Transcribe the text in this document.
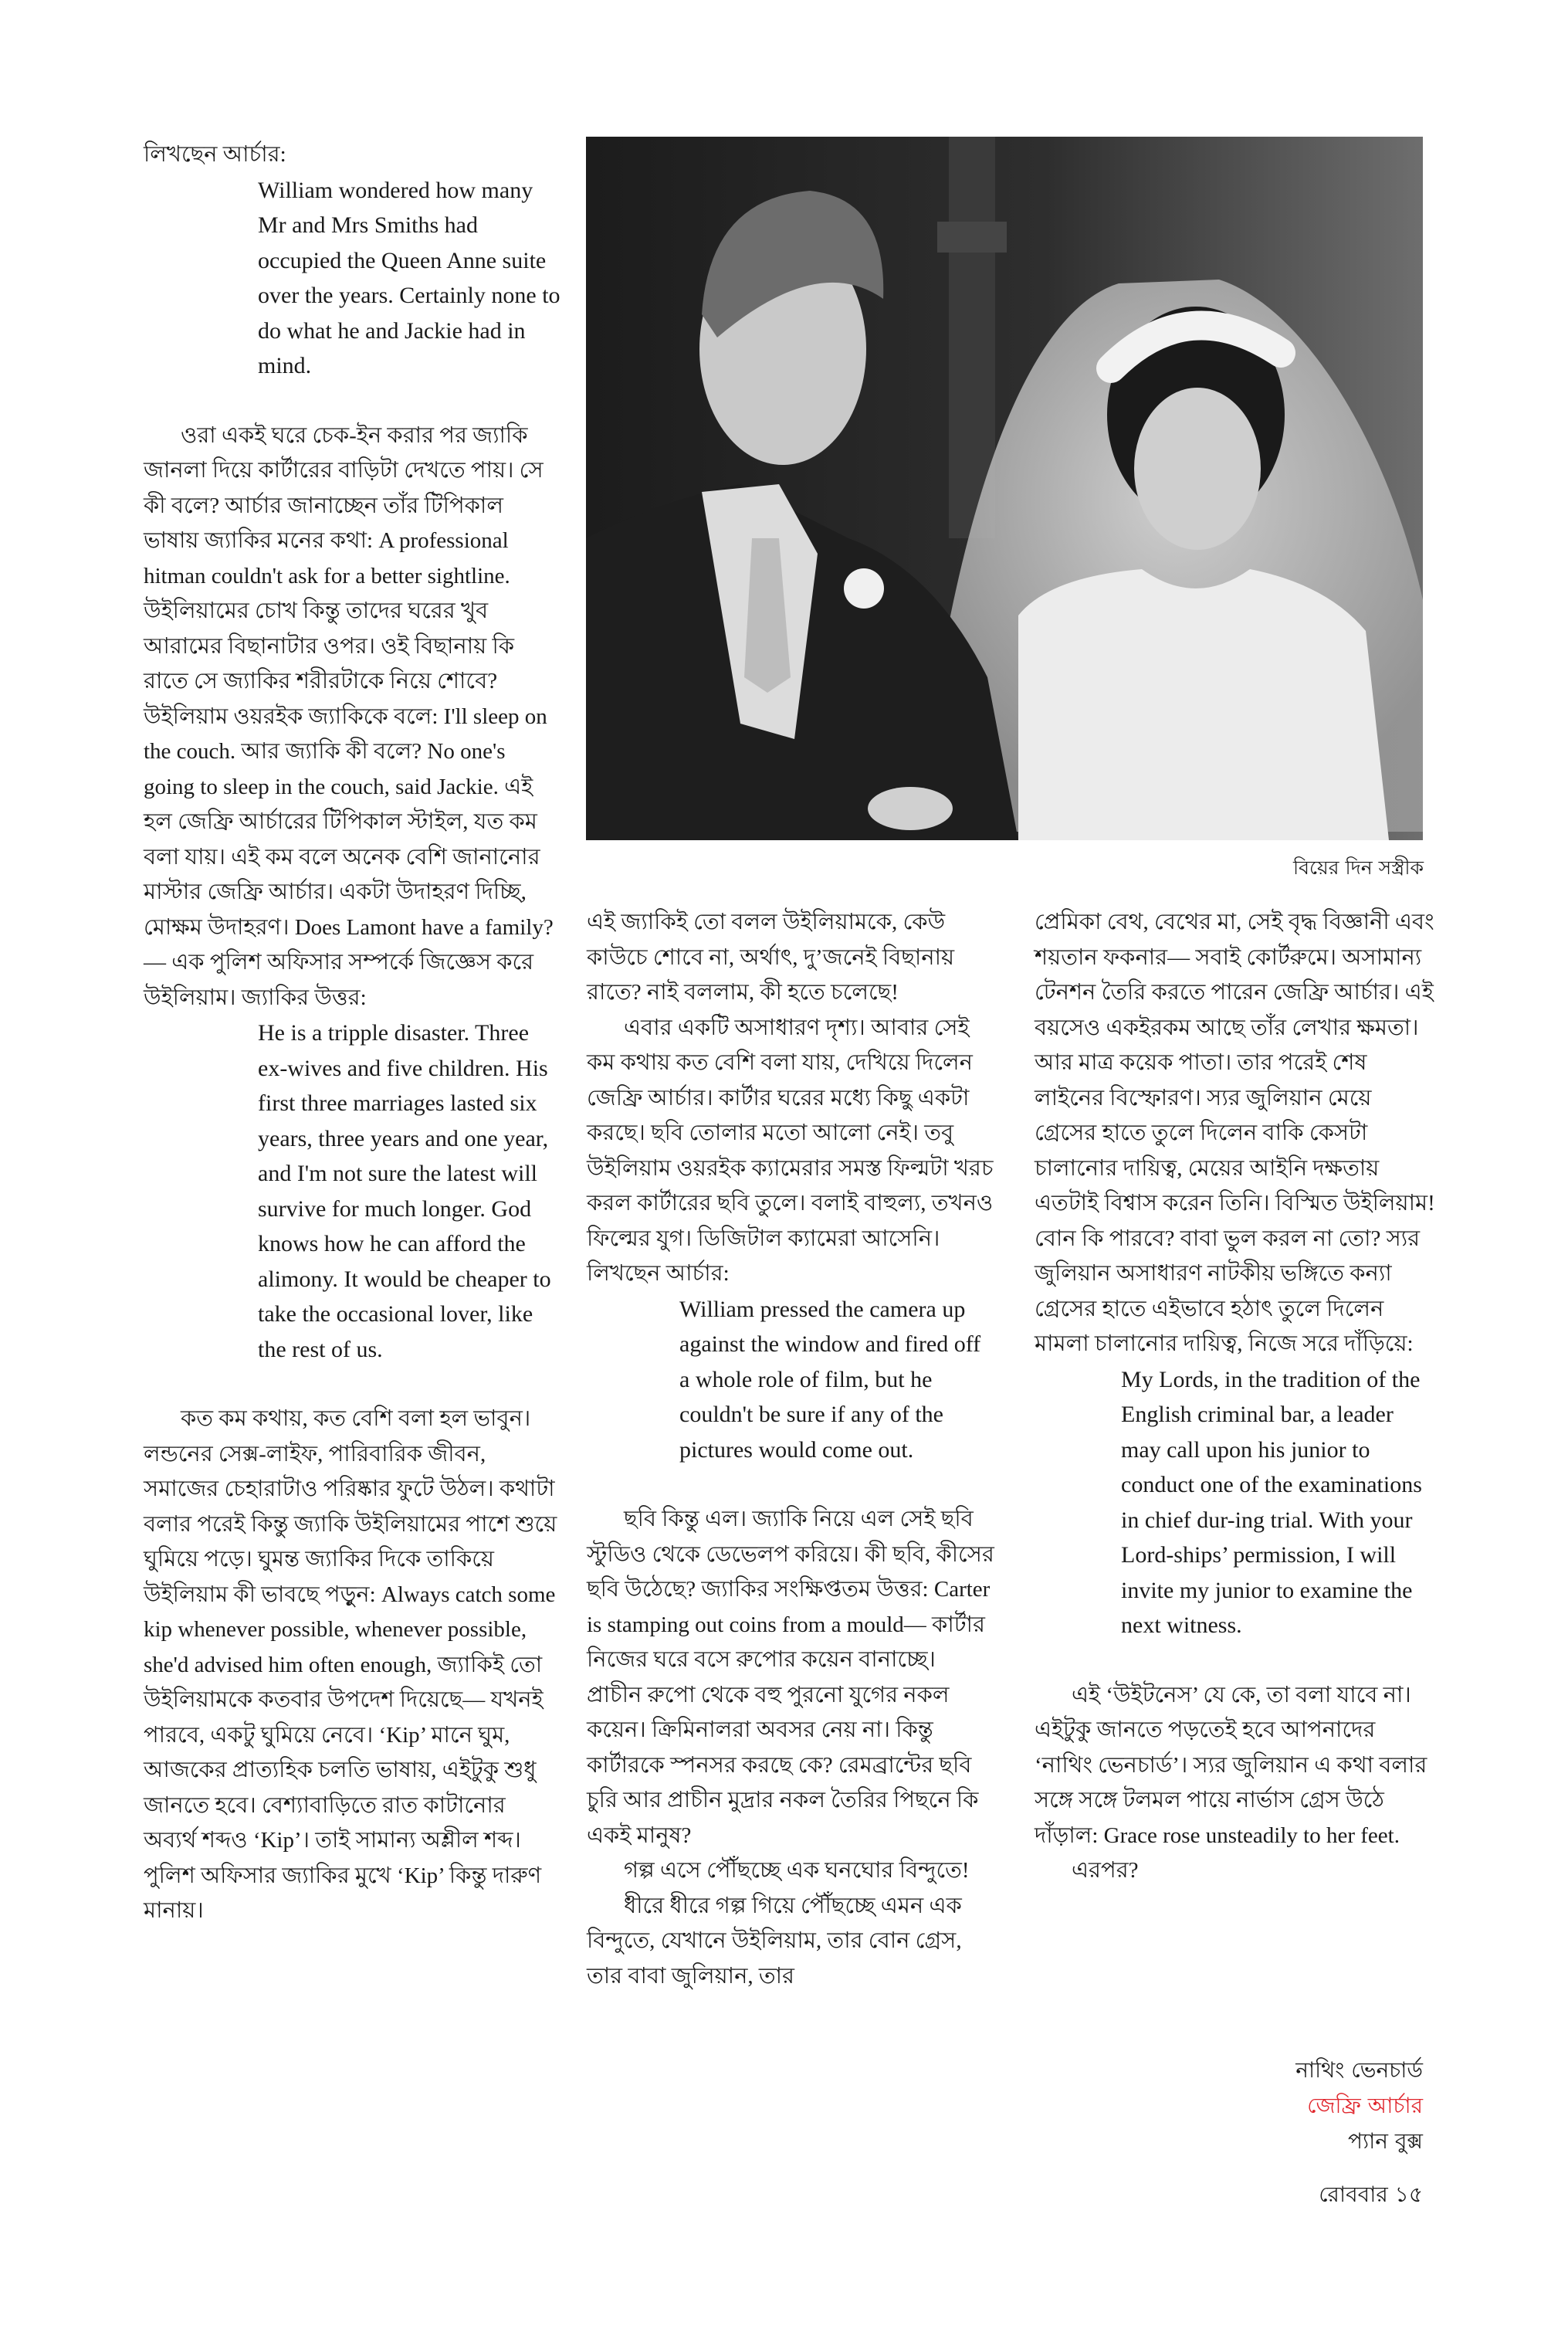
বিয়ের দিন সস্ত্রীক

লিখছেন আর্চার:

William wondered how many Mr and Mrs Smiths had occupied the Queen Anne suite over the years. Certainly none to do what he and Jackie had in mind.

ওরা একই ঘরে চেক-ইন করার পর জ্যাকি জানলা দিয়ে কার্টারের বাড়িটা দেখতে পায়। সে কী বলে? আর্চার জানাচ্ছেন তাঁর টিপিকাল ভাষায় জ্যাকির মনের কথা: A professional hitman couldn't ask for a better sightline. উইলিয়ামের চোখ কিন্তু তাদের ঘরের খুব আরামের বিছানাটার ওপর। ওই বিছানায় কি রাতে সে জ্যাকির শরীরটাকে নিয়ে শোবে? উইলিয়াম ওয়রইক জ্যাকিকে বলে: I'll sleep on the couch. আর জ্যাকি কী বলে? No one's going to sleep in the couch, said Jackie. এই হল জেফ্রি আর্চারের টিপিকাল স্টাইল, যত কম বলা যায়। এই কম বলে অনেক বেশি জানানোর মাস্টার জেফ্রি আর্চার। একটা উদাহরণ দিচ্ছি, মোক্ষম উদাহরণ। Does Lamont have a family?— এক পুলিশ অফিসার সম্পর্কে জিজ্ঞেস করে উইলিয়াম। জ্যাকির উত্তর:

He is a tripple disaster. Three ex-wives and five children. His first three marriages lasted six years, three years and one year, and I'm not sure the latest will survive for much longer. God knows how he can afford the alimony. It would be cheaper to take the occasional lover, like the rest of us.

কত কম কথায়, কত বেশি বলা হল ভাবুন। লন্ডনের সেক্স-লাইফ, পারিবারিক জীবন, সমাজের চেহারাটাও পরিষ্কার ফুটে উঠল। কথাটা বলার পরেই কিন্তু জ্যাকি উইলিয়ামের পাশে শুয়ে ঘুমিয়ে পড়ে। ঘুমন্ত জ্যাকির দিকে তাকিয়ে উইলিয়াম কী ভাবছে পড়ুন: Always catch some kip whenever possible, whenever possible, she'd advised him often enough, জ্যাকিই তো উইলিয়ামকে কতবার উপদেশ দিয়েছে— যখনই পারবে, একটু ঘুমিয়ে নেবে। ‘Kip’ মানে ঘুম, আজকের প্রাত্যহিক চলতি ভাষায়, এইটুকু শুধু জানতে হবে। বেশ্যাবাড়িতে রাত কাটানোর অব্যর্থ শব্দও ‘Kip’। তাই সামান্য অশ্লীল শব্দ। পুলিশ অফিসার জ্যাকির মুখে ‘Kip’ কিন্তু দারুণ মানায়।

এই জ্যাকিই তো বলল উইলিয়ামকে, কেউ কাউচে শোবে না, অর্থাৎ, দু’জনেই বিছানায় রাতে? নাই বললাম, কী হতে চলেছে!

এবার একটি অসাধারণ দৃশ্য। আবার সেই কম কথায় কত বেশি বলা যায়, দেখিয়ে দিলেন জেফ্রি আর্চার। কার্টার ঘরের মধ্যে কিছু একটা করছে। ছবি তোলার মতো আলো নেই। তবু উইলিয়াম ওয়রইক ক্যামেরার সমস্ত ফিল্মটা খরচ করল কার্টারের ছবি তুলে। বলাই বাহুল্য, তখনও ফিল্মের যুগ। ডিজিটাল ক্যামেরা আসেনি। লিখছেন আর্চার:

William pressed the camera up against the window and fired off a whole role of film, but he couldn't be sure if any of the pictures would come out.

ছবি কিন্তু এল। জ্যাকি নিয়ে এল সেই ছবি স্টুডিও থেকে ডেভেলপ করিয়ে। কী ছবি, কীসের ছবি উঠেছে? জ্যাকির সংক্ষিপ্ততম উত্তর: Carter is stamping out coins from a mould— কার্টার নিজের ঘরে বসে রুপোর কয়েন বানাচ্ছে। প্রাচীন রুপো থেকে বহু পুরনো যুগের নকল কয়েন। ক্রিমিনালরা অবসর নেয় না। কিন্তু কার্টারকে স্পনসর করছে কে? রেমব্রান্টের ছবি চুরি আর প্রাচীন মুদ্রার নকল তৈরির পিছনে কি একই মানুষ?

গল্প এসে পৌঁছচ্ছে এক ঘনঘোর বিন্দুতে!

ধীরে ধীরে গল্প গিয়ে পৌঁছচ্ছে এমন এক বিন্দুতে, যেখানে উইলিয়াম, তার বোন গ্রেস, তার বাবা জুলিয়ান, তার

প্রেমিকা বেথ, বেথের মা, সেই বৃদ্ধ বিজ্ঞানী এবং শয়তান ফকনার— সবাই কোর্টরুমে। অসামান্য টেনশন তৈরি করতে পারেন জেফ্রি আর্চার। এই বয়সেও একইরকম আছে তাঁর লেখার ক্ষমতা। আর মাত্র কয়েক পাতা। তার পরেই শেষ লাইনের বিস্ফোরণ। স্যর জুলিয়ান মেয়ে গ্রেসের হাতে তুলে দিলেন বাকি কেসটা চালানোর দায়িত্ব, মেয়ের আইনি দক্ষতায় এতটাই বিশ্বাস করেন তিনি। বিস্মিত উইলিয়াম! বোন কি পারবে? বাবা ভুল করল না তো? স্যর জুলিয়ান অসাধারণ নাটকীয় ভঙ্গিতে কন্যা গ্রেসের হাতে এইভাবে হঠাৎ তুলে দিলেন মামলা চালানোর দায়িত্ব, নিজে সরে দাঁড়িয়ে:

My Lords, in the tradition of the English criminal bar, a leader may call upon his junior to conduct one of the examinations in chief dur-ing trial. With your Lord-ships’ permission, I will invite my junior to examine the next witness.

এই ‘উইটনেস’ যে কে, তা বলা যাবে না। এইটুকু জানতে পড়তেই হবে আপনাদের ‘নাথিং ভেনচার্ড’। স্যর জুলিয়ান এ কথা বলার সঙ্গে সঙ্গে টলমল পায়ে নার্ভাস গ্রেস উঠে দাঁড়াল: Grace rose unsteadily to her feet.

এরপর?

নাথিং ভেনচার্ড
জেফ্রি আর্চার
প্যান বুক্স
রোববার ১৫
